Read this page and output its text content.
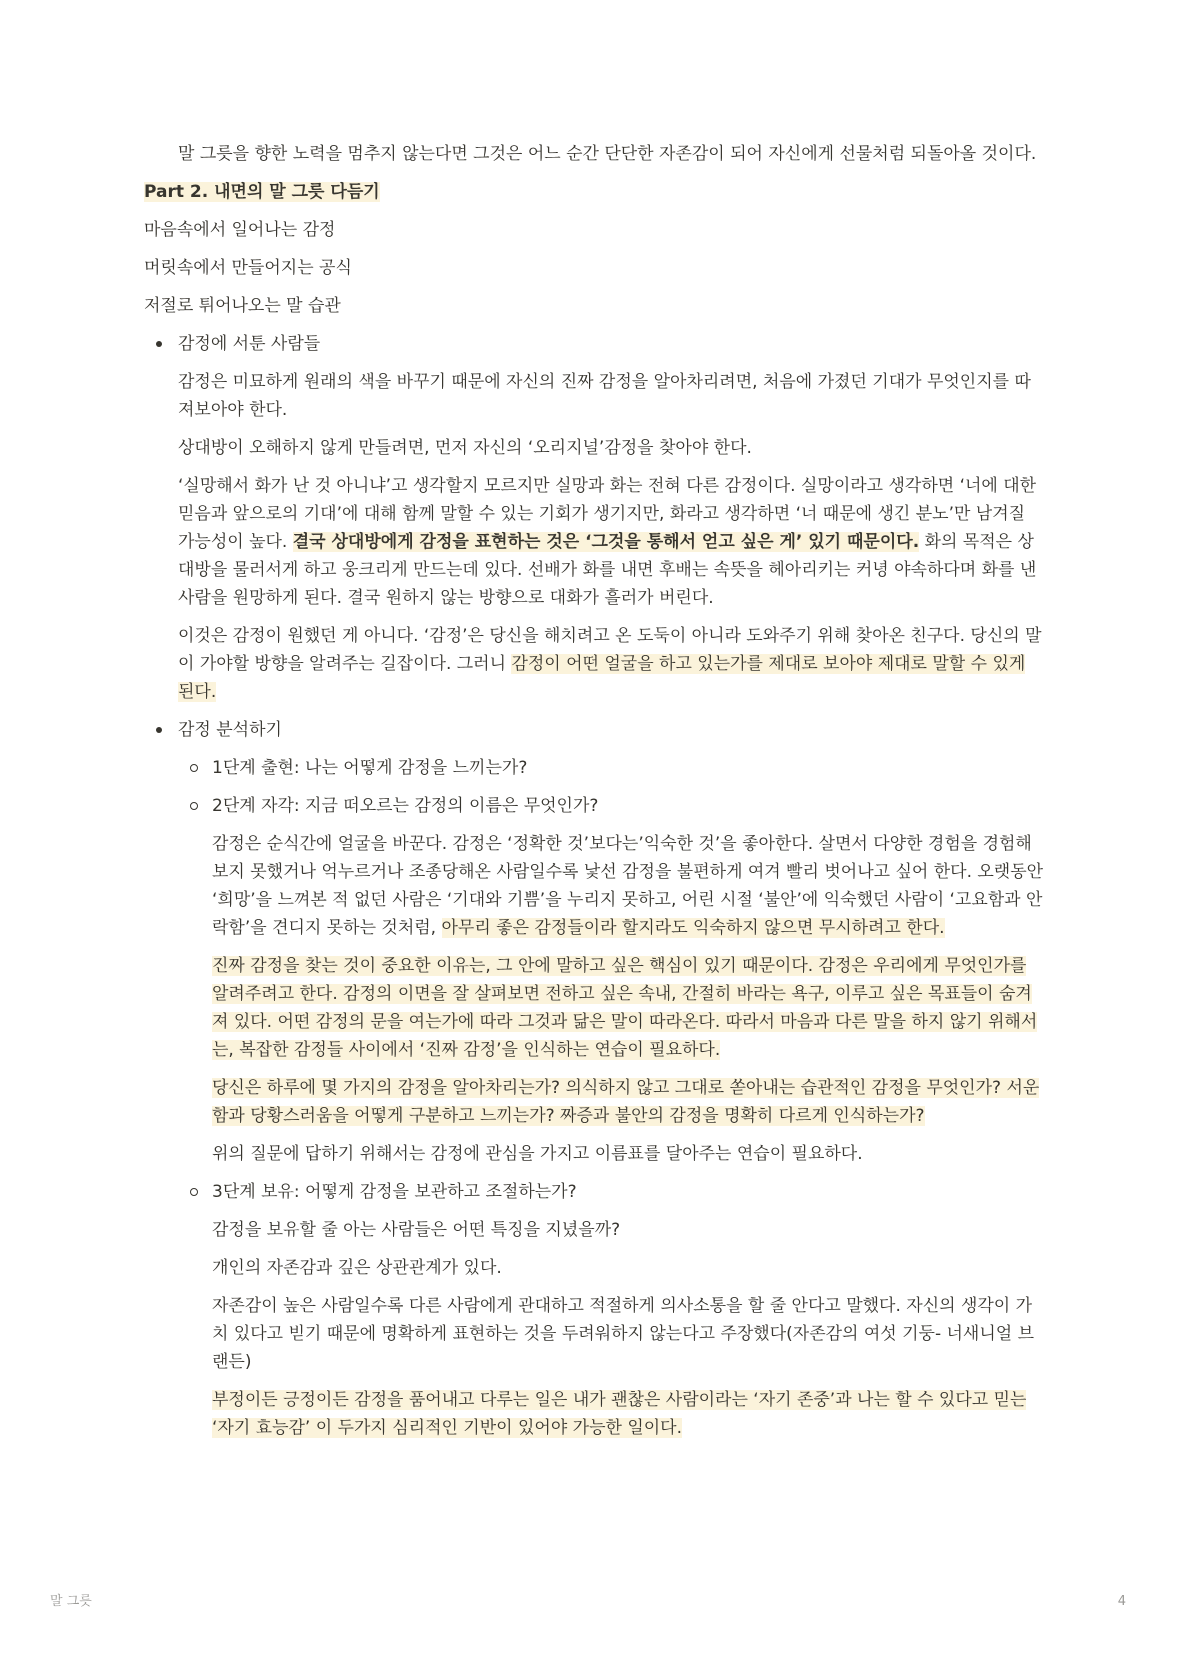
말 그릇을 향한 노력을 멈추지 않는다면 그것은 어느 순간 단단한 자존감이 되어 자신에게 선물처럼 되돌아올 것이다.

Part 2. 내면의 말 그릇 다듬기

마음속에서 일어나는 감정

머릿속에서 만들어지는 공식

저절로 튀어나오는 말 습관

감정에 서툰 사람들

감정은 미묘하게 원래의 색을 바꾸기 때문에 자신의 진짜 감정을 알아차리려면, 처음에 가졌던 기대가 무엇인지를 따져보아야 한다.

상대방이 오해하지 않게 만들려면, 먼저 자신의 ‘오리지널’감정을 찾아야 한다.

‘실망해서 화가 난 것 아니냐’고 생각할지 모르지만 실망과 화는 전혀 다른 감정이다. 실망이라고 생각하면 ‘너에 대한 믿음과 앞으로의 기대’에 대해 함께 말할 수 있는 기회가 생기지만, 화라고 생각하면 ‘너 때문에 생긴 분노’만 남겨질 가능성이 높다. 결국 상대방에게 감정을 표현하는 것은 ‘그것을 통해서 얻고 싶은 게’ 있기 때문이다. 화의 목적은 상대방을 물러서게 하고 웅크리게 만드는데 있다. 선배가 화를 내면 후배는 속뜻을 헤아리키는 커녕 야속하다며 화를 낸 사람을 원망하게 된다. 결국 원하지 않는 방향으로 대화가 흘러가 버린다.

이것은 감정이 원했던 게 아니다. ‘감정’은 당신을 해치려고 온 도둑이 아니라 도와주기 위해 찾아온 친구다. 당신의 말이 가야할 방향을 알려주는 길잡이다. 그러니 감정이 어떤 얼굴을 하고 있는가를 제대로 보아야 제대로 말할 수 있게 된다.

감정 분석하기
1단계 출현: 나는 어떻게 감정을 느끼는가?
2단계 자각: 지금 떠오르는 감정의 이름은 무엇인가?

감정은 순식간에 얼굴을 바꾼다. 감정은 ‘정확한 것’보다는’익숙한 것’을 좋아한다. 살면서 다양한 경험을 경험해보지 못했거나 억누르거나 조종당해온 사람일수록 낯선 감정을 불편하게 여겨 빨리 벗어나고 싶어 한다. 오랫동안 ‘희망’을 느껴본 적 없던 사람은 ‘기대와 기쁨’을 누리지 못하고, 어린 시절 ‘불안’에 익숙했던 사람이 ‘고요함과 안락함’을 견디지 못하는 것처럼, 아무리 좋은 감정들이라 할지라도 익숙하지 않으면 무시하려고 한다.

진짜 감정을 찾는 것이 중요한 이유는, 그 안에 말하고 싶은 핵심이 있기 때문이다. 감정은 우리에게 무엇인가를 알려주려고 한다. 감정의 이면을 잘 살펴보면 전하고 싶은 속내, 간절히 바라는 욕구, 이루고 싶은 목표들이 숨겨져 있다. 어떤 감정의 문을 여는가에 따라 그것과 닮은 말이 따라온다. 따라서 마음과 다른 말을 하지 않기 위해서는, 복잡한 감정들 사이에서 ‘진짜 감정’을 인식하는 연습이 필요하다.

당신은 하루에 몇 가지의 감정을 알아차리는가? 의식하지 않고 그대로 쏟아내는 습관적인 감정을 무엇인가? 서운함과 당황스러움을 어떻게 구분하고 느끼는가? 짜증과 불안의 감정을 명확히 다르게 인식하는가?

위의 질문에 답하기 위해서는 감정에 관심을 가지고 이름표를 달아주는 연습이 필요하다.

3단계 보유: 어떻게 감정을 보관하고 조절하는가?

감정을 보유할 줄 아는 사람들은 어떤 특징을 지녔을까?

개인의 자존감과 깊은 상관관계가 있다.

자존감이 높은 사람일수록 다른 사람에게 관대하고 적절하게 의사소통을 할 줄 안다고 말했다. 자신의 생각이 가치 있다고 빋기 때문에 명확하게 표현하는 것을 두려워하지 않는다고 주장했다(자존감의 여섯 기둥- 너새니얼 브랜든)

부정이든 긍정이든 감정을 품어내고 다루는 일은 내가 괜찮은 사람이라는 ‘자기 존중’과 나는 할 수 있다고 믿는 ‘자기 효능감’ 이 두가지 심리적인 기반이 있어야 가능한 일이다.

말 그릇	4
